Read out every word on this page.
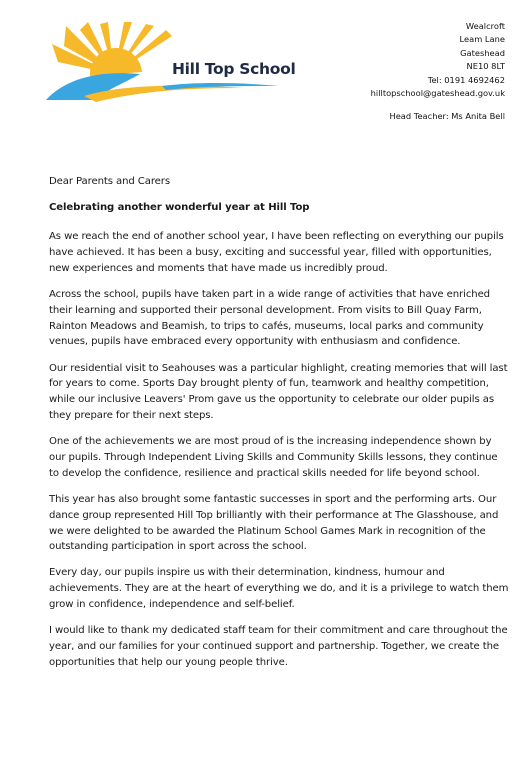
Hill Top School
Wealcroft
Leam Lane
Gateshead
NE10 8LT
Tel: 0191 4692462
hilltopschool@gateshead.gov.uk
Head Teacher: Ms Anita Bell

Dear Parents and Carers

Celebrating another wonderful year at Hill Top

As we reach the end of another school year, I have been reflecting on everything our pupils have achieved. It has been a busy, exciting and successful year, filled with opportunities, new experiences and moments that have made us incredibly proud.

Across the school, pupils have taken part in a wide range of activities that have enriched their learning and supported their personal development. From visits to Bill Quay Farm, Rainton Meadows and Beamish, to trips to cafés, museums, local parks and community venues, pupils have embraced every opportunity with enthusiasm and confidence.

Our residential visit to Seahouses was a particular highlight, creating memories that will last for years to come. Sports Day brought plenty of fun, teamwork and healthy competition, while our inclusive Leavers' Prom gave us the opportunity to celebrate our older pupils as they prepare for their next steps.

One of the achievements we are most proud of is the increasing independence shown by our pupils. Through Independent Living Skills and Community Skills lessons, they continue to develop the confidence, resilience and practical skills needed for life beyond school.

This year has also brought some fantastic successes in sport and the performing arts. Our dance group represented Hill Top brilliantly with their performance at The Glasshouse, and we were delighted to be awarded the Platinum School Games Mark in recognition of the outstanding participation in sport across the school.

Every day, our pupils inspire us with their determination, kindness, humour and achievements. They are at the heart of everything we do, and it is a privilege to watch them grow in confidence, independence and self-belief.

I would like to thank my dedicated staff team for their commitment and care throughout the year, and our families for your continued support and partnership. Together, we create the opportunities that help our young people thrive.
